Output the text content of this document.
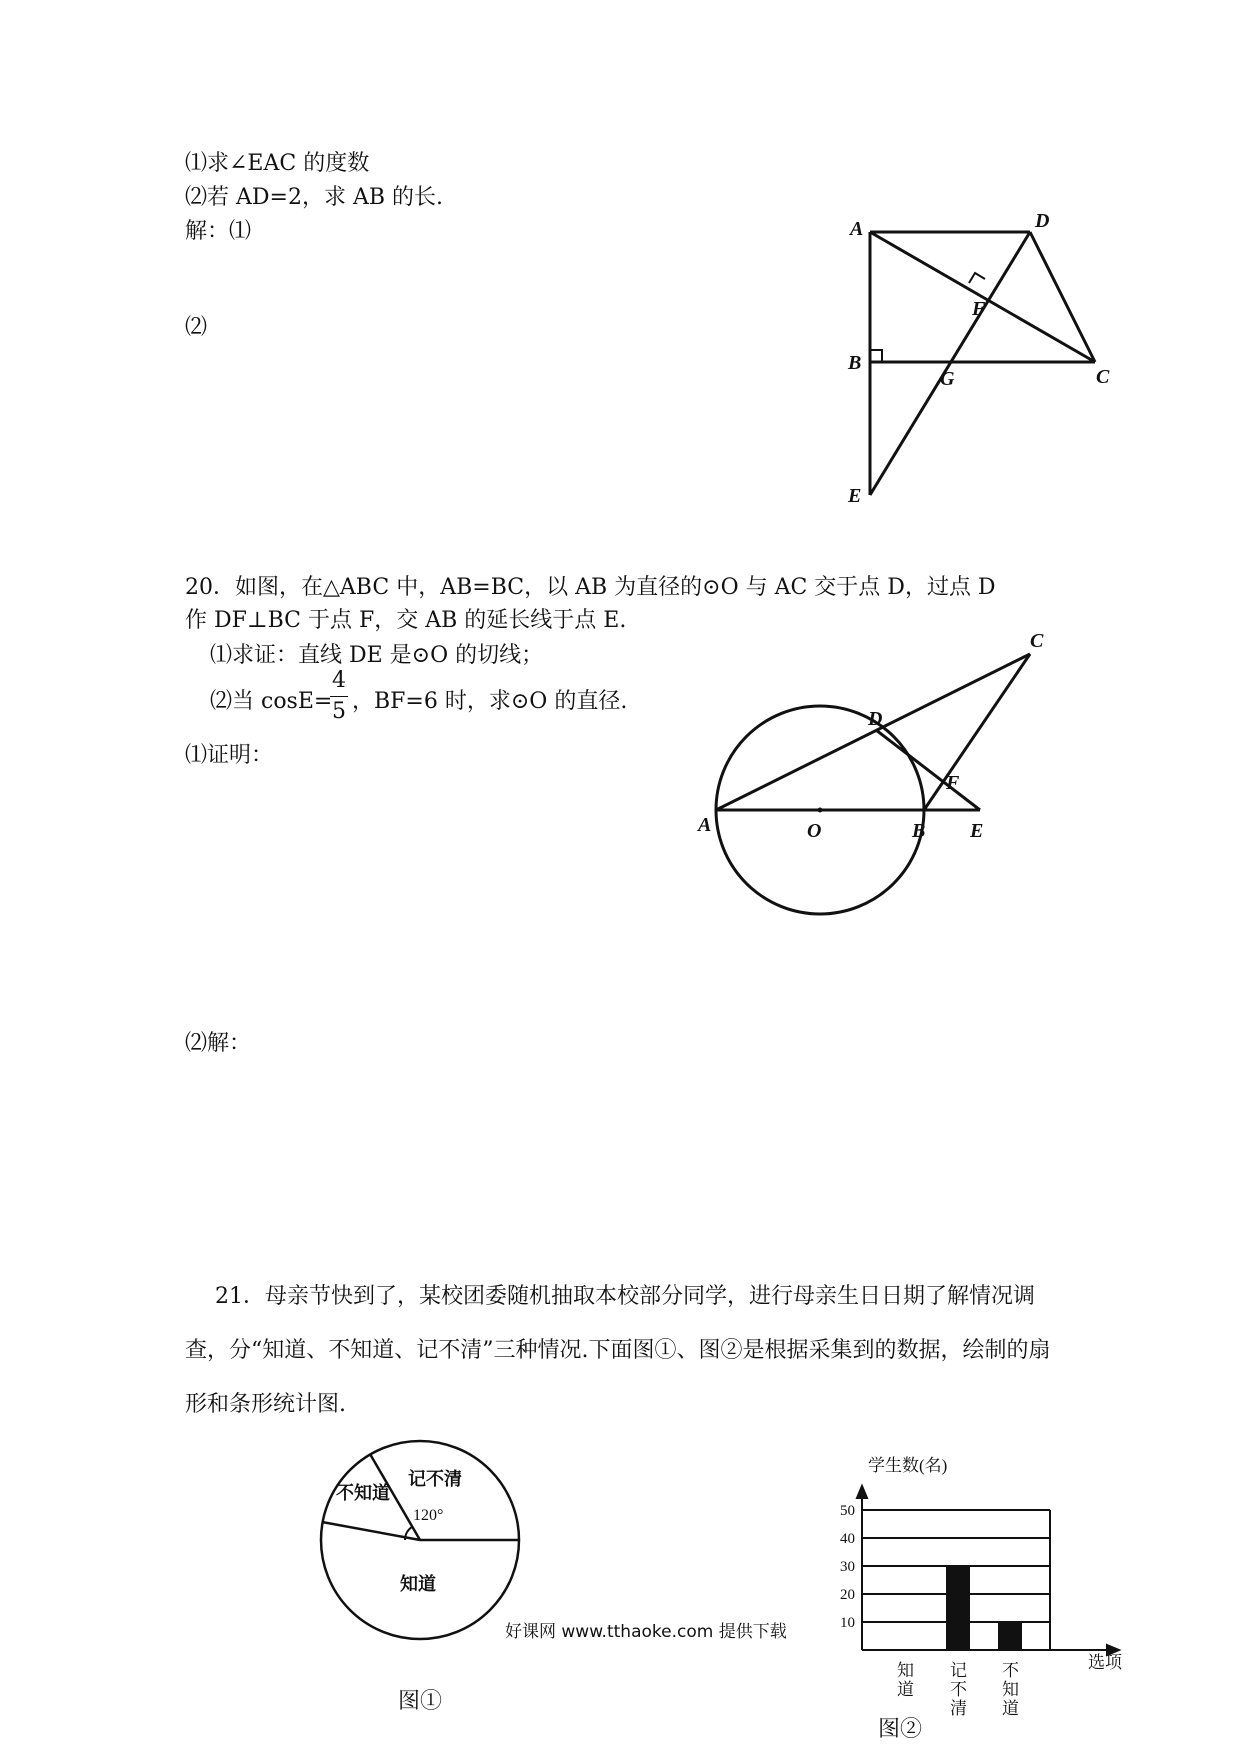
⑴求∠EAC 的度数
⑵若 AD=2，求 AB 的长.
解：⑴
⑵
A	D
F
B
G	C
E
20．如图，在△ABC 中，AB=BC，以 AB 为直径的⊙O 与 AC 交于点 D，过点 D
作 DF⊥BC 于点 F，交 AB 的延长线于点 E.
⑴求证：直线 DE 是⊙O 的切线；
⑵当 cosE=
4
5 ，BF=6 时，求⊙O 的直径.
⑴证明：
⑵解：
A	O	B E
D
F
C
21．母亲节快到了，某校团委随机抽取本校部分同学，进行母亲生日日期了解情况调查，分“知道、不知道、记不清”三种情况.下面图①、图②是根据采集到的数据，绘制的扇形和条形统计图.
记不清
不知道
知道
120°
图①
好课网 www.tthaoke.com 提供下载	10
20
30
40
50
知
道
记
不
清
不
知
道
学生数(名)
选项
图②
